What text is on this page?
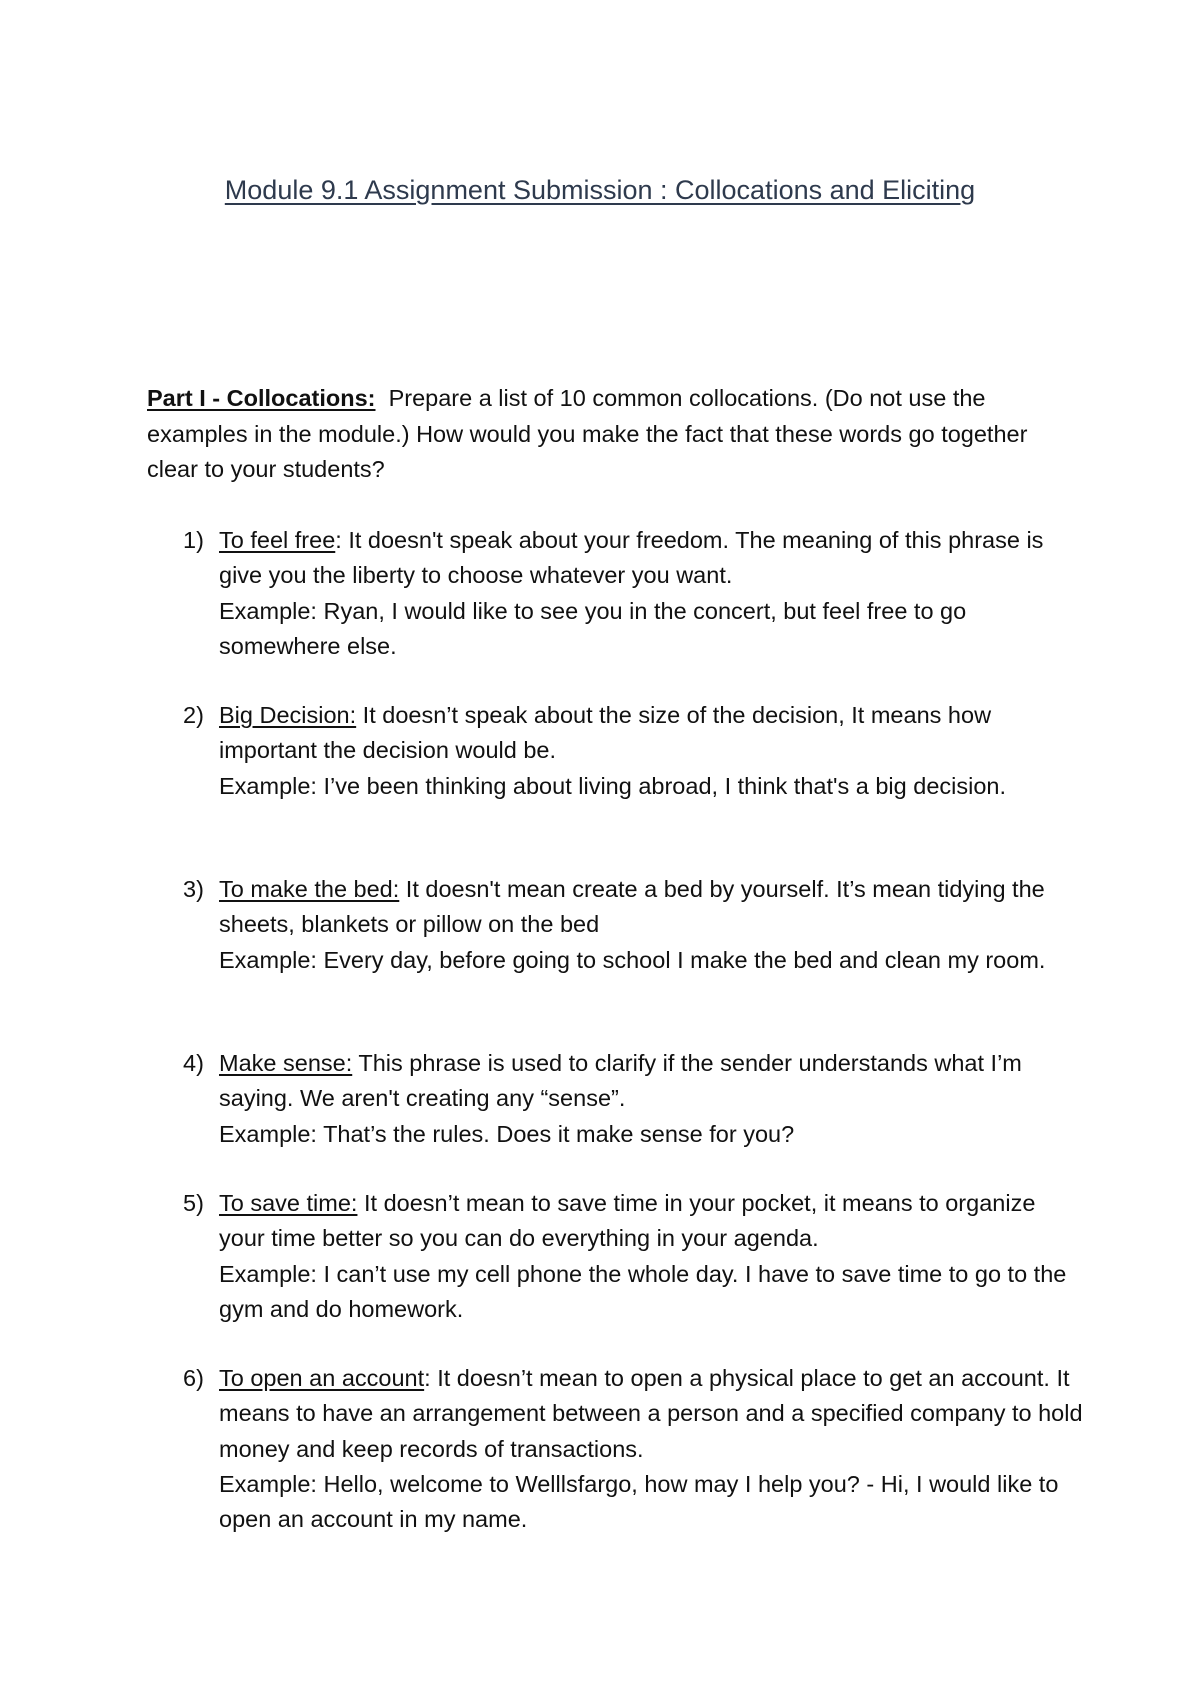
Module 9.1 Assignment Submission : Collocations and Eliciting

Part I - Collocations: Prepare a list of 10 common collocations. (Do not use the examples in the module.) How would you make the fact that these words go together clear to your students?

1) To feel free: It doesn't speak about your freedom. The meaning of this phrase is give you the liberty to choose whatever you want.
Example: Ryan, I would like to see you in the concert, but feel free to go somewhere else.
2) Big Decision: It doesn’t speak about the size of the decision, It means how important the decision would be.
Example: I’ve been thinking about living abroad, I think that's a big decision.
3) To make the bed: It doesn't mean create a bed by yourself. It’s mean tidying the sheets, blankets or pillow on the bed
Example: Every day, before going to school I make the bed and clean my room.
4) Make sense: This phrase is used to clarify if the sender understands what I’m saying. We aren't creating any “sense”.
Example: That’s the rules. Does it make sense for you?
5) To save time: It doesn’t mean to save time in your pocket, it means to organize your time better so you can do everything in your agenda.
Example: I can’t use my cell phone the whole day. I have to save time to go to the gym and do homework.
6) To open an account: It doesn’t mean to open a physical place to get an account. It means to have an arrangement between a person and a specified company to hold money and keep records of transactions.
Example: Hello, welcome to Welllsfargo, how may I help you? - Hi, I would like to open an account in my name.
